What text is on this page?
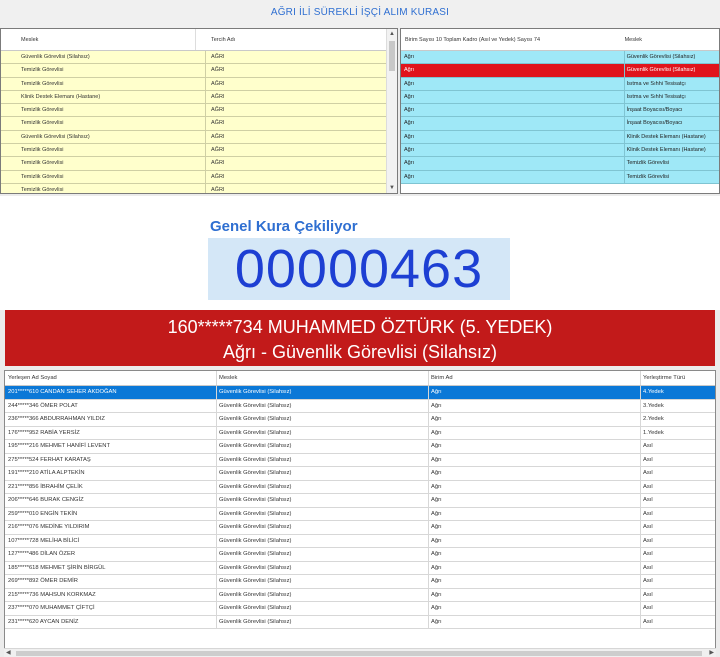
AĞRI İLİ SÜREKLİ İŞÇİ ALIM KURASI
Meslek	Tercih Adı
Güvenlik Görevlisi (Silahsız)	AĞRI
Temizlik Görevlisi	AĞRI
Temizlik Görevlisi	AĞRI
Klinik Destek Elemanı (Hastane)	AĞRI
Temizlik Görevlisi	AĞRI
Temizlik Görevlisi	AĞRI
Güvenlik Görevlisi (Silahsız)	AĞRI
Temizlik Görevlisi	AĞRI
Temizlik Görevlisi	AĞRI
Temizlik Görevlisi	AĞRI
Temizlik Görevlisi	AĞRI
▲
▼
Birim Sayısı 10 Toplam Kadro (Asıl ve Yedek) Sayısı 74	Meslek
Ağrı	Güvenlik Görevlisi (Silahsız)
Ağrı	Güvenlik Görevlisi (Silahsız)
Ağrı	Isıtma ve Sıhhi Tesisatçı
Ağrı	Isıtma ve Sıhhi Tesisatçı
Ağrı	İnşaat Boyacısı/Boyacı
Ağrı	İnşaat Boyacısı/Boyacı
Ağrı	Klinik Destek Elemanı (Hastane)
Ağrı	Klinik Destek Elemanı (Hastane)
Ağrı	Temizlik Görevlisi
Ağrı	Temizlik Görevlisi
Genel Kura Çekiliyor
00000463
160*****734 MUHAMMED ÖZTÜRK (5. YEDEK)
Ağrı - Güvenlik Görevlisi (Silahsız)
Yerleşen Ad Soyad	Meslek	Birim Ad	Yerleştirme Türü
201*****610 CANDAN SEHER AKDOĞAN	Güvenlik Görevlisi (Silahsız)	Ağrı	4.Yedek
244*****346 ÖMER POLAT	Güvenlik Görevlisi (Silahsız)	Ağrı	3.Yedek
236*****366 ABDURRAHMAN YILDIZ	Güvenlik Görevlisi (Silahsız)	Ağrı	2.Yedek
176*****952 RABİA YERSİZ	Güvenlik Görevlisi (Silahsız)	Ağrı	1.Yedek
195*****216 MEHMET HANİFİ LEVENT	Güvenlik Görevlisi (Silahsız)	Ağrı	Asıl
275*****524 FERHAT KARATAŞ	Güvenlik Görevlisi (Silahsız)	Ağrı	Asıl
191*****210 ATİLA ALPTEKİN	Güvenlik Görevlisi (Silahsız)	Ağrı	Asıl
221*****856 İBRAHİM ÇELİK	Güvenlik Görevlisi (Silahsız)	Ağrı	Asıl
206*****646 BURAK CENGİZ	Güvenlik Görevlisi (Silahsız)	Ağrı	Asıl
259*****010 ENGİN TEKİN	Güvenlik Görevlisi (Silahsız)	Ağrı	Asıl
216*****076 MEDİNE YILDIRIM	Güvenlik Görevlisi (Silahsız)	Ağrı	Asıl
107*****728 MELİHA BİLİCİ	Güvenlik Görevlisi (Silahsız)	Ağrı	Asıl
127*****486 DİLAN ÖZER	Güvenlik Görevlisi (Silahsız)	Ağrı	Asıl
185*****618 MEHMET ŞİRİN BİRGÜL	Güvenlik Görevlisi (Silahsız)	Ağrı	Asıl
269*****892 ÖMER DEMİR	Güvenlik Görevlisi (Silahsız)	Ağrı	Asıl
215*****736 MAHSUN KORKMAZ	Güvenlik Görevlisi (Silahsız)	Ağrı	Asıl
237*****070 MUHAMMET ÇİFTÇİ	Güvenlik Görevlisi (Silahsız)	Ağrı	Asıl
231*****620 AYCAN DENİZ	Güvenlik Görevlisi (Silahsız)	Ağrı	Asıl
◀	▶
